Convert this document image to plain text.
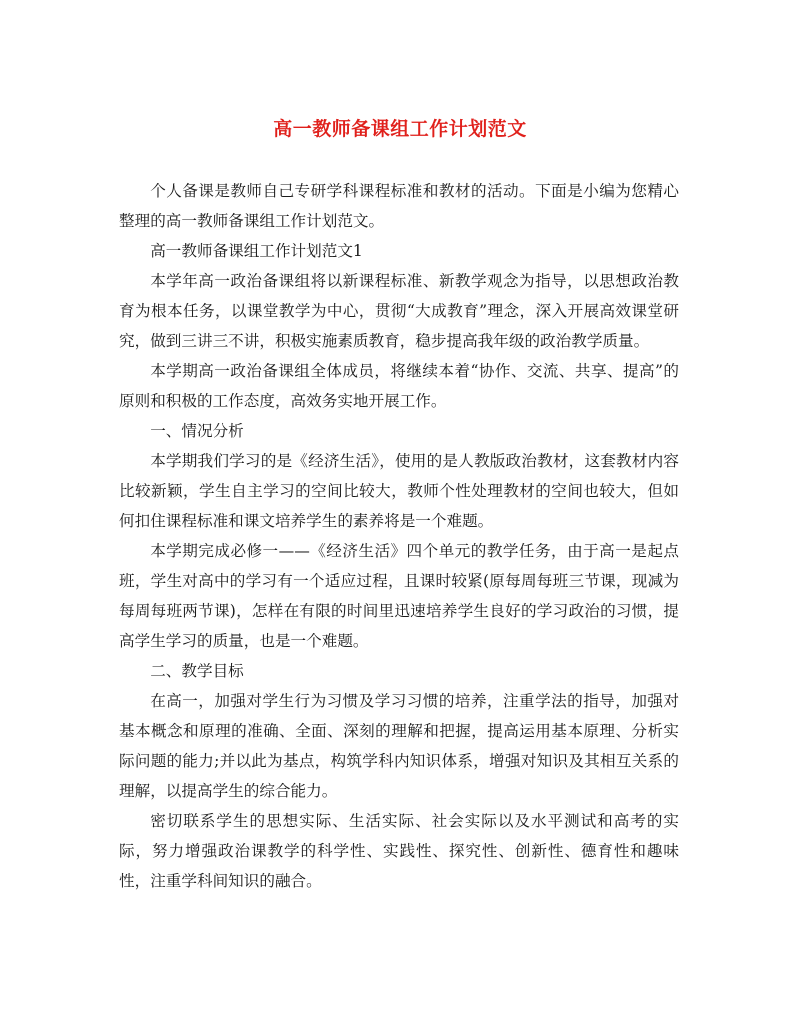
高一教师备课组工作计划范文

个人备课是教师自己专研学科课程标准和教材的活动。下面是小编为您精心整理的高一教师备课组工作计划范文。

高一教师备课组工作计划范文1

本学年高一政治备课组将以新课程标准、新教学观念为指导，以思想政治教育为根本任务，以课堂教学为中心，贯彻“大成教育”理念，深入开展高效课堂研究，做到三讲三不讲，积极实施素质教育，稳步提高我年级的政治教学质量。

本学期高一政治备课组全体成员，将继续本着“协作、交流、共享、提高”的原则和积极的工作态度，高效务实地开展工作。

一、情况分析

本学期我们学习的是《经济生活》，使用的是人教版政治教材，这套教材内容比较新颖，学生自主学习的空间比较大，教师个性处理教材的空间也较大，但如何扣住课程标准和课文培养学生的素养将是一个难题。

本学期完成必修一——《经济生活》四个单元的教学任务，由于高一是起点班，学生对高中的学习有一个适应过程，且课时较紧(原每周每班三节课，现减为每周每班两节课)，怎样在有限的时间里迅速培养学生良好的学习政治的习惯，提高学生学习的质量，也是一个难题。

二、教学目标

在高一，加强对学生行为习惯及学习习惯的培养，注重学法的指导，加强对基本概念和原理的准确、全面、深刻的理解和把握，提高运用基本原理、分析实际问题的能力;并以此为基点，构筑学科内知识体系，增强对知识及其相互关系的理解，以提高学生的综合能力。

密切联系学生的思想实际、生活实际、社会实际以及水平测试和高考的实际，努力增强政治课教学的科学性、实践性、探究性、创新性、德育性和趣味性，注重学科间知识的融合。
